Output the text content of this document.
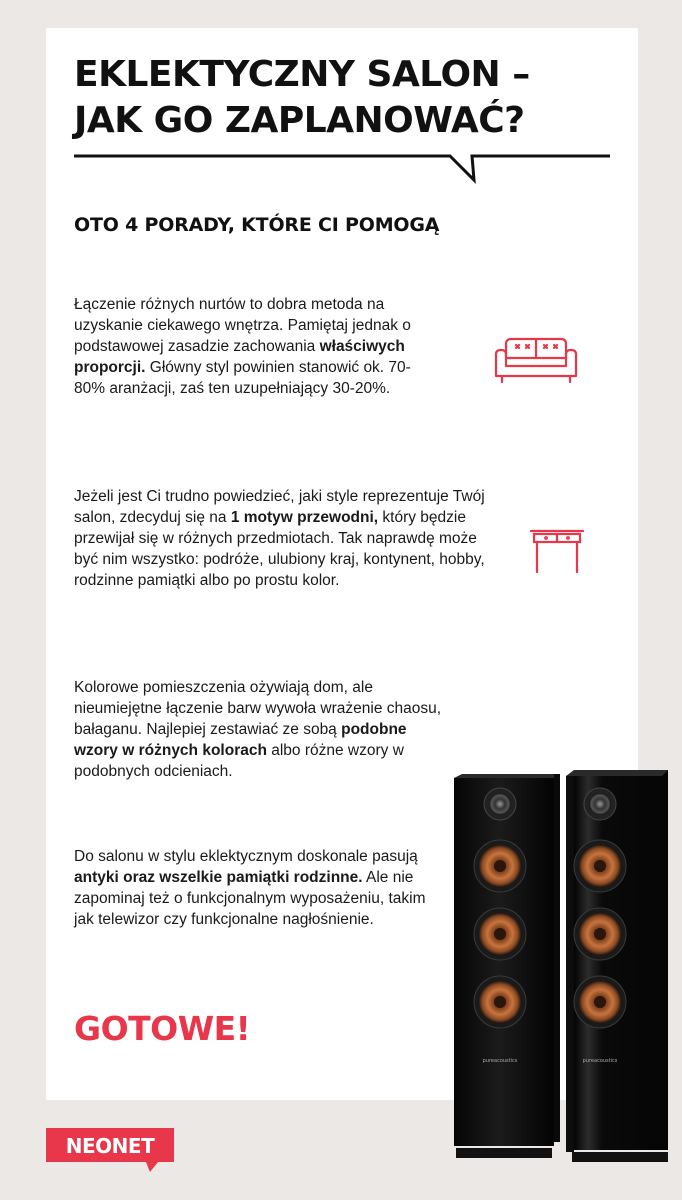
EKLEKTYCZNY SALON –
JAK GO ZAPLANOWAĆ?
OTO 4 PORADY, KTÓRE CI POMOGĄ

Łączenie różnych nurtów to dobra metoda na uzyskanie ciekawego wnętrza. Pamiętaj jednak o podstawowej zasadzie zachowania właściwych proporcji. Główny styl powinien stanowić ok. 70-80% aranżacji, zaś ten uzupełniający 30-20%.

Jeżeli jest Ci trudno powiedzieć, jaki style reprezentuje Twój salon, zdecyduj się na 1 motyw przewodni, który będzie przewijał się w różnych przedmiotach. Tak naprawdę może być nim wszystko: podróże, ulubiony kraj, kontynent, hobby, rodzinne pamiątki albo po prostu kolor.

Kolorowe pomieszczenia ożywiają dom, ale nieumiejętne łączenie barw wywoła wrażenie chaosu, bałaganu. Najlepiej zestawiać ze sobą podobne wzory w różnych kolorach albo różne wzory w podobnych odcieniach.

Do salonu w stylu eklektycznym doskonale pasują antyki oraz wszelkie pamiątki rodzinne. Ale nie zapominaj też o funkcjonalnym wyposażeniu, takim jak telewizor czy funkcjonalne nagłośnienie.

GOTOWE!

pureacoustics	pureacoustics
NEONET
